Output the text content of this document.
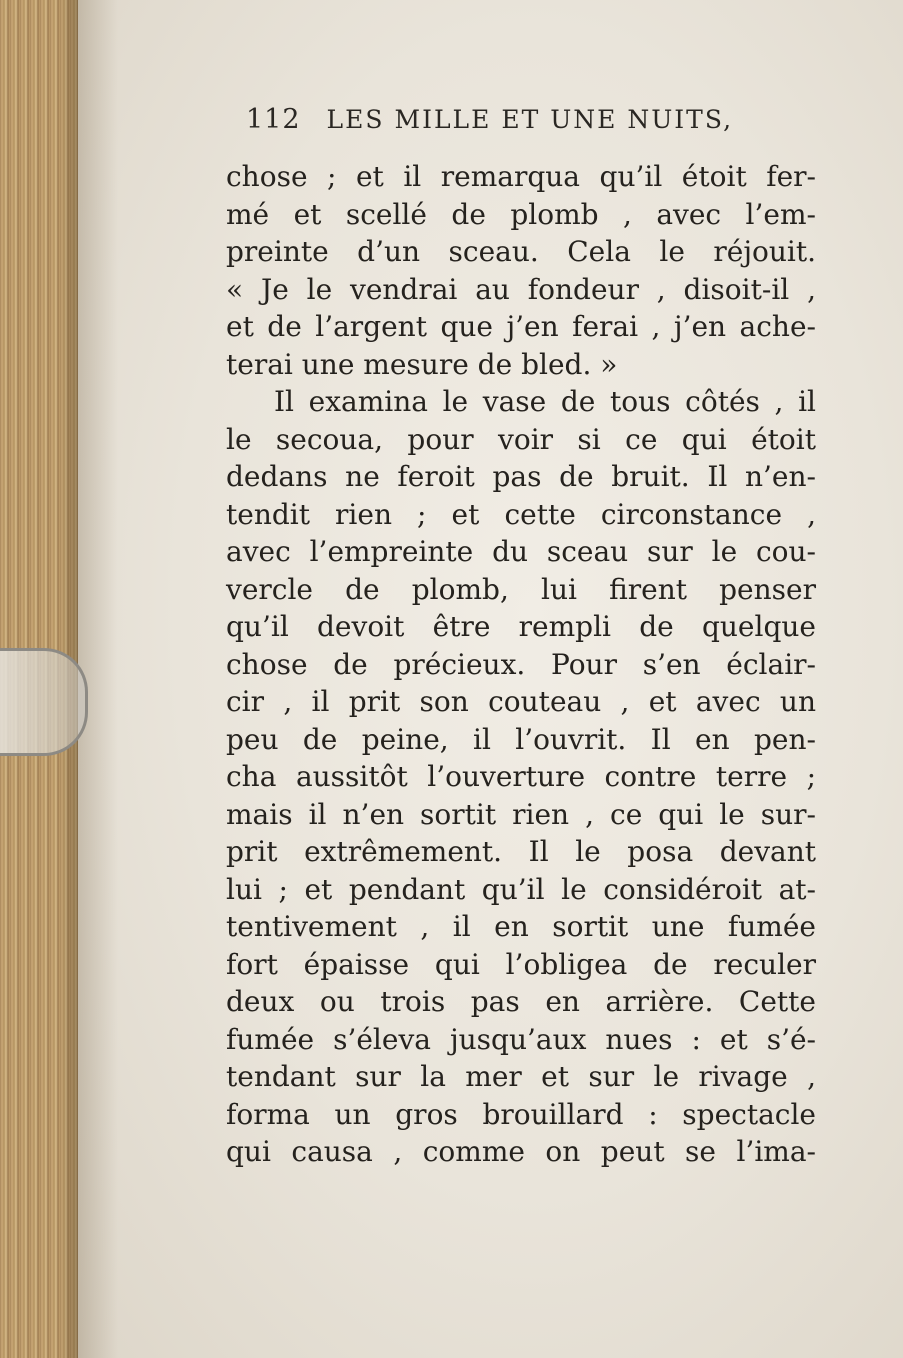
112 LES MILLE ET UNE NUITS,
chose ; et il remarqua qu’il étoit fer-
mé et scellé de plomb , avec l’em-
preinte d’un sceau. Cela le réjouit.
« Je le vendrai au fondeur , disoit-il ,
et de l’argent que j’en ferai , j’en ache-
terai une mesure de bled. »
Il examina le vase de tous côtés , il
le secoua, pour voir si ce qui étoit
dedans ne feroit pas de bruit. Il n’en-
tendit rien ; et cette circonstance ,
avec l’empreinte du sceau sur le cou-
vercle de plomb, lui firent penser
qu’il devoit être rempli de quelque
chose de précieux. Pour s’en éclair-
cir , il prit son couteau , et avec un
peu de peine, il l’ouvrit. Il en pen-
cha aussitôt l’ouverture contre terre ;
mais il n’en sortit rien , ce qui le sur-
prit extrêmement. Il le posa devant
lui ; et pendant qu’il le considéroit at-
tentivement , il en sortit une fumée
fort épaisse qui l’obligea de reculer
deux ou trois pas en arrière. Cette
fumée s’éleva jusqu’aux nues : et s’é-
tendant sur la mer et sur le rivage ,
forma un gros brouillard : spectacle
qui causa , comme on peut se l’ima-
